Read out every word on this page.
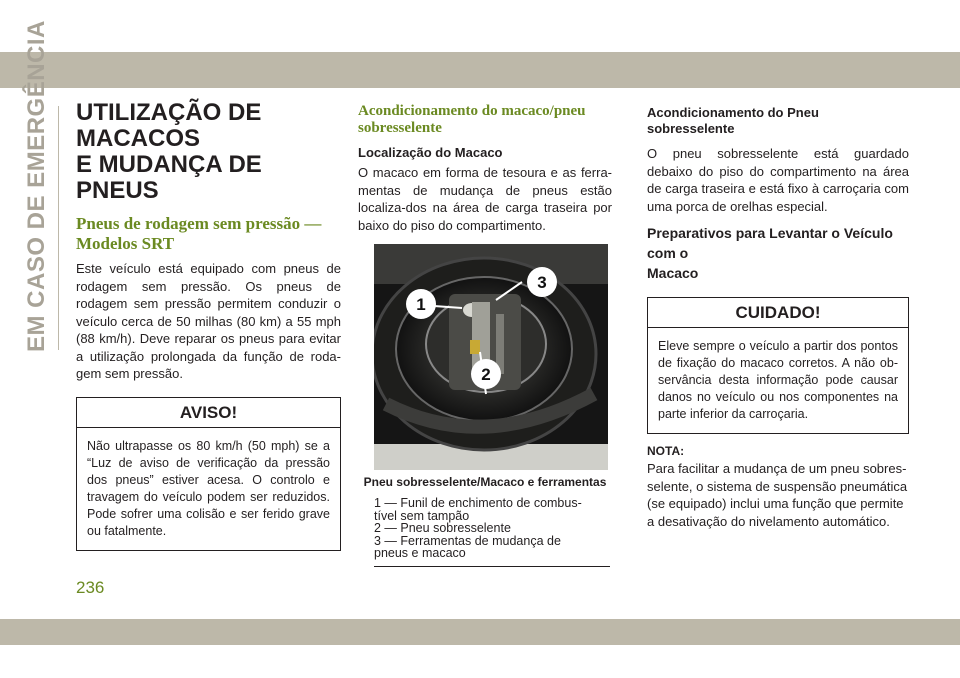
EM CASO DE EMERGÊNCIA UTILIZAÇÃO DE MACACOS
E MUDANÇA DE PNEUS
Pneus de rodagem sem pressão — Modelos SRT

Este veículo está equipado com pneus de rodagem sem pressão. Os pneus de rodagem sem pressão permitem conduzir o veículo cerca de 50 milhas (80 km) a 55 mph (88 km/h). Deve reparar os pneus para evitar a utilização prolongada da função de roda-gem sem pressão.

AVISO!
Não ultrapasse os 80 km/h (50 mph) se a “Luz de aviso de verificação da pressão dos pneus” estiver acesa. O controlo e travagem do veículo podem ser reduzidos. Pode sofrer uma colisão e ser ferido grave ou fatalmente.
Acondicionamento do macaco/pneu sobresselente
Localização do Macaco

O macaco em forma de tesoura e as ferra-mentas de mudança de pneus estão localiza-dos na área de carga traseira por baixo do piso do compartimento.

1
2
3
Pneu sobresselente/Macaco e ferramentas
1 — Funil de enchimento de combus-
tível sem tampão
2 — Pneu sobresselente
3 — Ferramentas de mudança de
pneus e macaco
Acondicionamento do Pneu sobresselente

O pneu sobresselente está guardado debaixo do piso do compartimento na área de carga traseira e está fixo à carroçaria com uma porca de orelhas especial.

Preparativos para Levantar o Veículo com o
Macaco
CUIDADO!
Eleve sempre o veículo a partir dos pontos de fixação do macaco corretos. A não ob-servância desta informação pode causar danos no veículo ou nos componentes na parte inferior da carroçaria.
NOTA:

Para facilitar a mudança de um pneu sobres-selente, o sistema de suspensão pneumática (se equipado) inclui uma função que permite a desativação do nivelamento automático.

236
